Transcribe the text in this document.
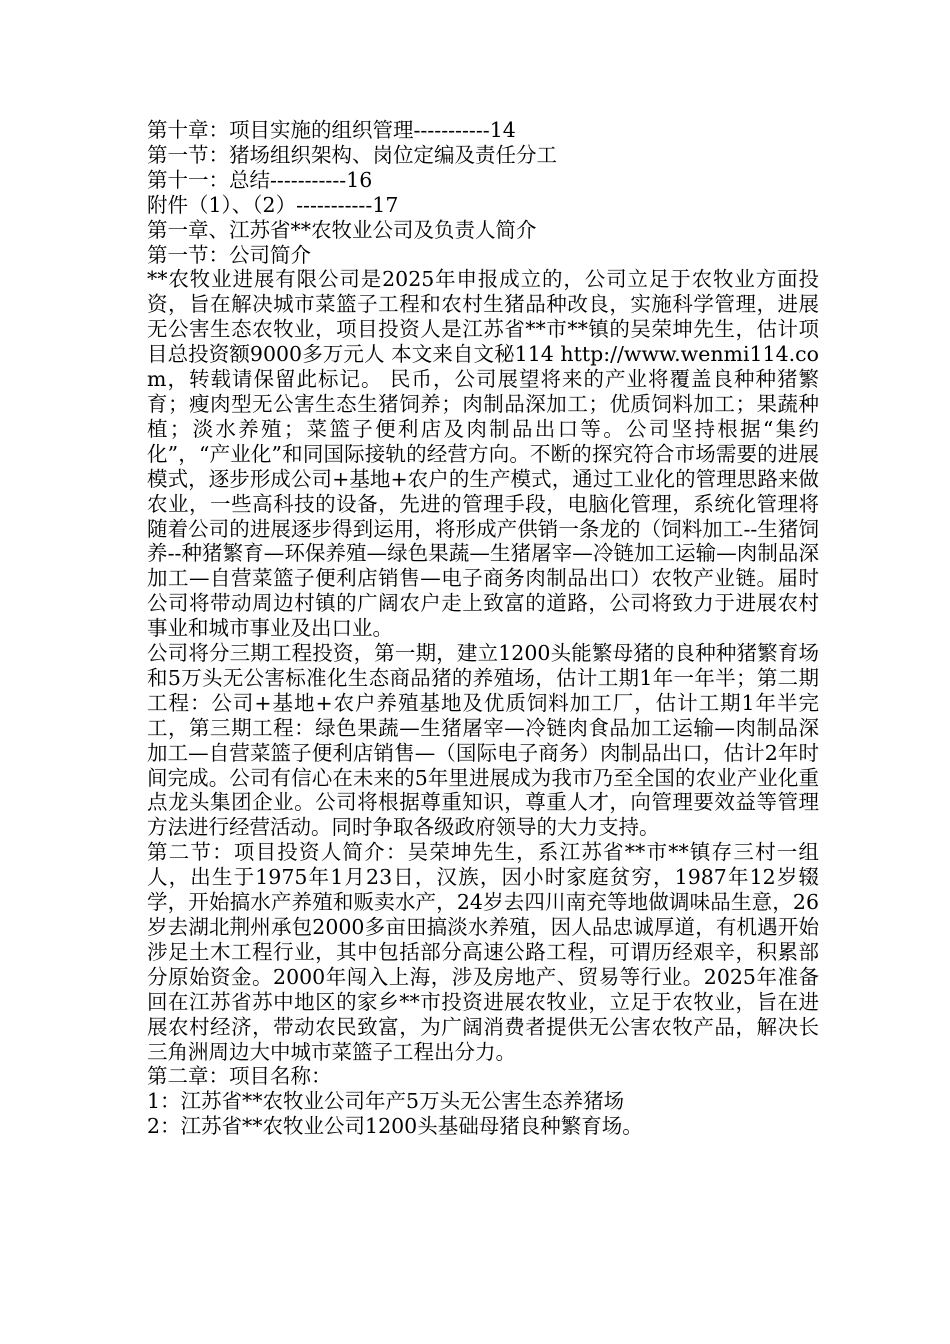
第十章：项目实施的组织管理-----------14

第一节：猪场组织架构、岗位定编及责任分工

第十一：总结-----------16

附件（1）、（2）-----------17

第一章、江苏省**农牧业公司及负责人简介

第一节：公司简介

**农牧业进展有限公司是2025年申报成立的，公司立足于农牧业方面投资，旨在解决城市菜篮子工程和农村生猪品种改良，实施科学管理，进展无公害生态农牧业，项目投资人是江苏省**市**镇的吴荣坤先生，估计项目总投资额9000多万元人 本文来自文秘114 http://www.wenmi114.com，转载请保留此标记。 民币，公司展望将来的产业将覆盖良种种猪繁育；瘦肉型无公害生态生猪饲养；肉制品深加工；优质饲料加工；果蔬种植；淡水养殖；菜篮子便利店及肉制品出口等。公司坚持根据“集约化”，“产业化”和同国际接轨的经营方向。不断的探究符合市场需要的进展模式，逐步形成公司+基地+农户的生产模式，通过工业化的管理思路来做农业，一些高科技的设备，先进的管理手段，电脑化管理，系统化管理将随着公司的进展逐步得到运用，将形成产供销一条龙的（饲料加工--生猪饲养--种猪繁育—环保养殖—绿色果蔬—生猪屠宰—冷链加工运输—肉制品深加工—自营菜篮子便利店销售—电子商务肉制品出口）农牧产业链。届时公司将带动周边村镇的广阔农户走上致富的道路，公司将致力于进展农村事业和城市事业及出口业。

公司将分三期工程投资，第一期，建立1200头能繁母猪的良种种猪繁育场和5万头无公害标准化生态商品猪的养殖场，估计工期1年一年半；第二期工程：公司+基地+农户养殖基地及优质饲料加工厂，估计工期1年半完工，第三期工程：绿色果蔬—生猪屠宰—冷链肉食品加工运输—肉制品深加工—自营菜篮子便利店销售—（国际电子商务）肉制品出口，估计2年时间完成。公司有信心在未来的5年里进展成为我市乃至全国的农业产业化重点龙头集团企业。公司将根据尊重知识，尊重人才，向管理要效益等管理方法进行经营活动。同时争取各级政府领导的大力支持。

第二节：项目投资人简介：吴荣坤先生，系江苏省**市**镇存三村一组人，出生于1975年1月23日，汉族，因小时家庭贫穷，1987年12岁辍学，开始搞水产养殖和贩卖水产，24岁去四川南充等地做调味品生意，26岁去湖北荆州承包2000多亩田搞淡水养殖，因人品忠诚厚道，有机遇开始涉足土木工程行业，其中包括部分高速公路工程，可谓历经艰辛，积累部分原始资金。2000年闯入上海，涉及房地产、贸易等行业。2025年准备回在江苏省苏中地区的家乡**市投资进展农牧业，立足于农牧业，旨在进展农村经济，带动农民致富，为广阔消费者提供无公害农牧产品，解决长三角洲周边大中城市菜篮子工程出分力。

第二章：项目名称：

1：江苏省**农牧业公司年产5万头无公害生态养猪场

2：江苏省**农牧业公司1200头基础母猪良种繁育场。
